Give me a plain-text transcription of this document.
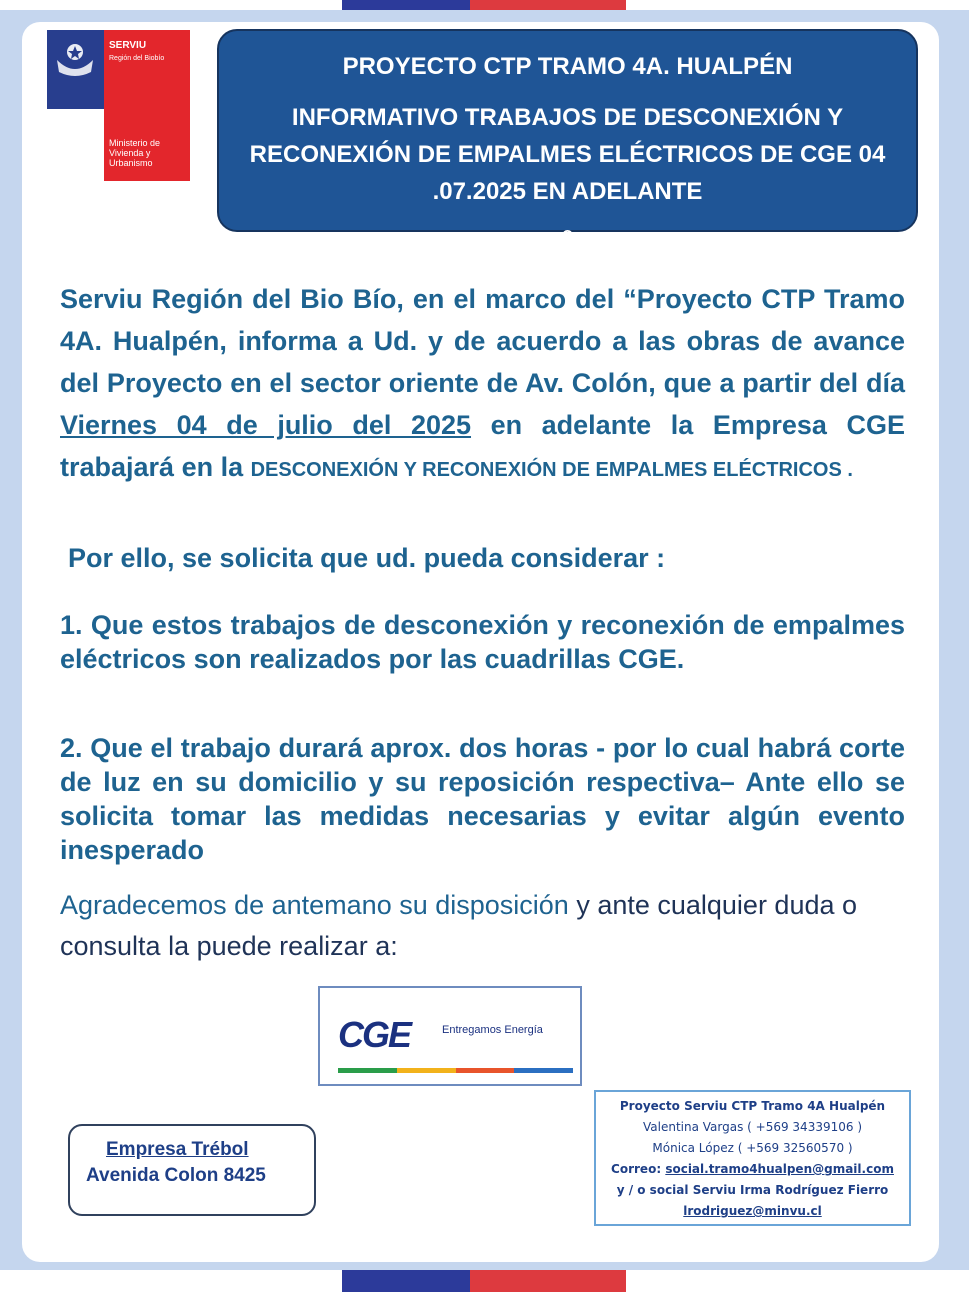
SERVIU
Región del Biobío
Ministerio de Vivienda y Urbanismo
PROYECTO CTP TRAMO 4A. HUALPÉN
INFORMATIVO TRABAJOS DE DESCONEXIÓN Y RECONEXIÓN DE EMPALMES ELÉCTRICOS DE CGE 04 .07.2025 EN ADELANTE
o
Serviu Región del Bio Bío, en el marco del “Proyecto CTP Tramo 4A. Hualpén, informa a Ud. y de acuerdo a las obras de avance del Proyecto en el sector oriente de Av. Colón, que a partir del día Viernes 04 de julio del 2025 en adelante la Empresa CGE trabajará en la DESCONEXIÓN Y RECONEXIÓN DE EMPALMES ELÉCTRICOS .
Por ello, se solicita que ud. pueda considerar :
1. Que estos trabajos de desconexión y reconexión de empalmes eléctricos son realizados por las cuadrillas CGE.
2. Que el trabajo durará aprox. dos horas - por lo cual habrá corte de luz en su domicilio y su reposición respectiva– Ante ello se solicita tomar las medidas necesarias y evitar algún evento inesperado
Agradecemos de antemano su disposición y ante cualquier duda o consulta la puede realizar a:
CGE	Entregamos Energía
Empresa Trébol
Avenida Colon 8425
Proyecto Serviu CTP Tramo 4A Hualpén
Valentina Vargas ( +569 34339106 )
Mónica López ( +569 32560570 )
Correo: social.tramo4hualpen@gmail.com
y / o social Serviu Irma Rodríguez Fierro
lrodriguez@minvu.cl
